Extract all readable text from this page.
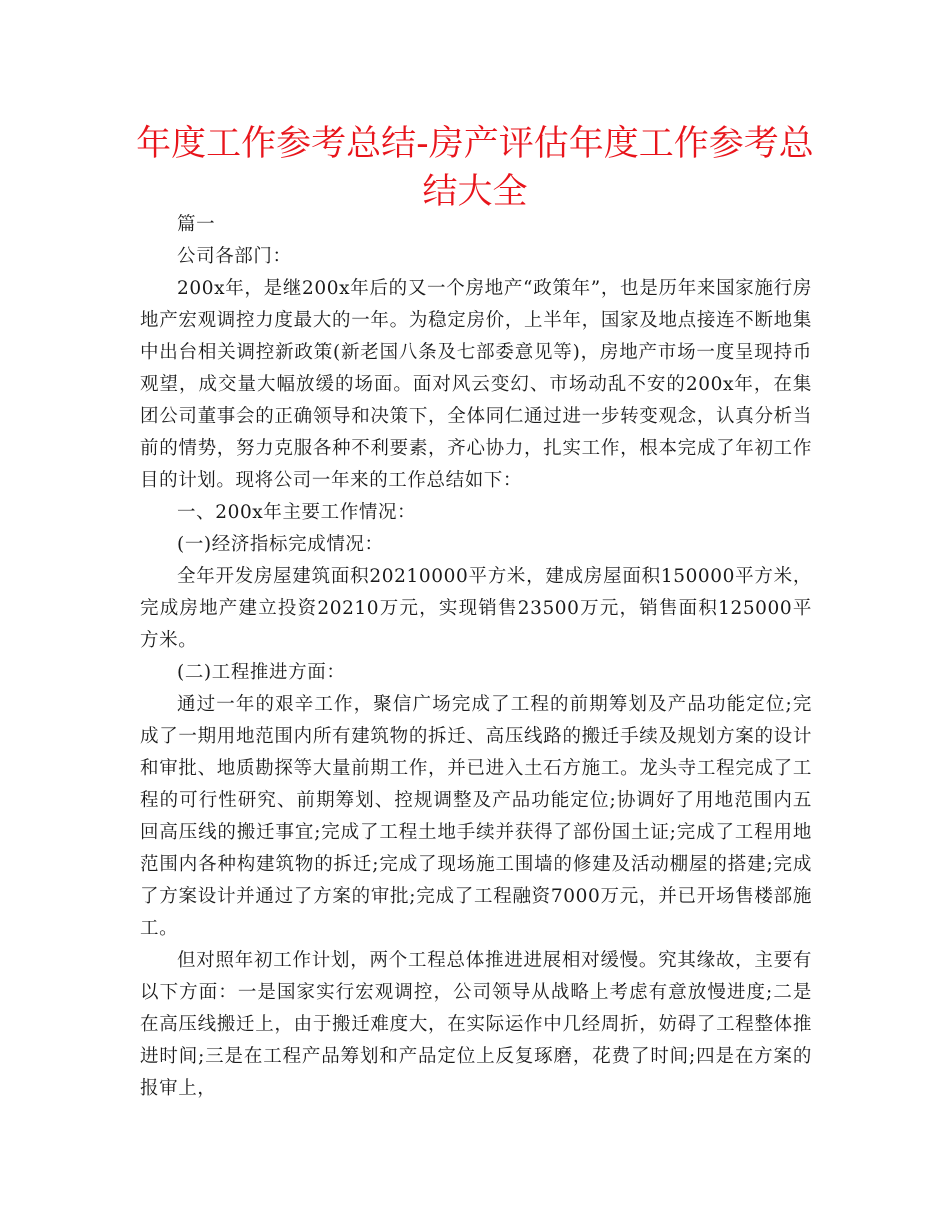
年度工作参考总结-房产评估年度工作参考总结大全

篇一

公司各部门：

200x年，是继200x年后的又一个房地产“政策年”，也是历年来国家施行房地产宏观调控力度最大的一年。为稳定房价，上半年，国家及地点接连不断地集中出台相关调控新政策(新老国八条及七部委意见等)，房地产市场一度呈现持币观望，成交量大幅放缓的场面。面对风云变幻、市场动乱不安的200x年，在集团公司董事会的正确领导和决策下，全体同仁通过进一步转变观念，认真分析当前的情势，努力克服各种不利要素，齐心协力，扎实工作，根本完成了年初工作目的计划。现将公司一年来的工作总结如下：

一、200x年主要工作情况：

(一)经济指标完成情况：

全年开发房屋建筑面积20210000平方米，建成房屋面积150000平方米，完成房地产建立投资20210万元，实现销售23500万元，销售面积125000平方米。

(二)工程推进方面：

通过一年的艰辛工作，聚信广场完成了工程的前期筹划及产品功能定位;完成了一期用地范围内所有建筑物的拆迁、高压线路的搬迁手续及规划方案的设计和审批、地质勘探等大量前期工作，并已进入土石方施工。龙头寺工程完成了工程的可行性研究、前期筹划、控规调整及产品功能定位;协调好了用地范围内五回高压线的搬迁事宜;完成了工程土地手续并获得了部份国土证;完成了工程用地范围内各种构建筑物的拆迁;完成了现场施工围墙的修建及活动棚屋的搭建;完成了方案设计并通过了方案的审批;完成了工程融资7000万元，并已开场售楼部施工。

但对照年初工作计划，两个工程总体推进进展相对缓慢。究其缘故，主要有以下方面：一是国家实行宏观调控，公司领导从战略上考虑有意放慢进度;二是在高压线搬迁上，由于搬迁难度大，在实际运作中几经周折，妨碍了工程整体推进时间;三是在工程产品筹划和产品定位上反复琢磨，花费了时间;四是在方案的报审上，
